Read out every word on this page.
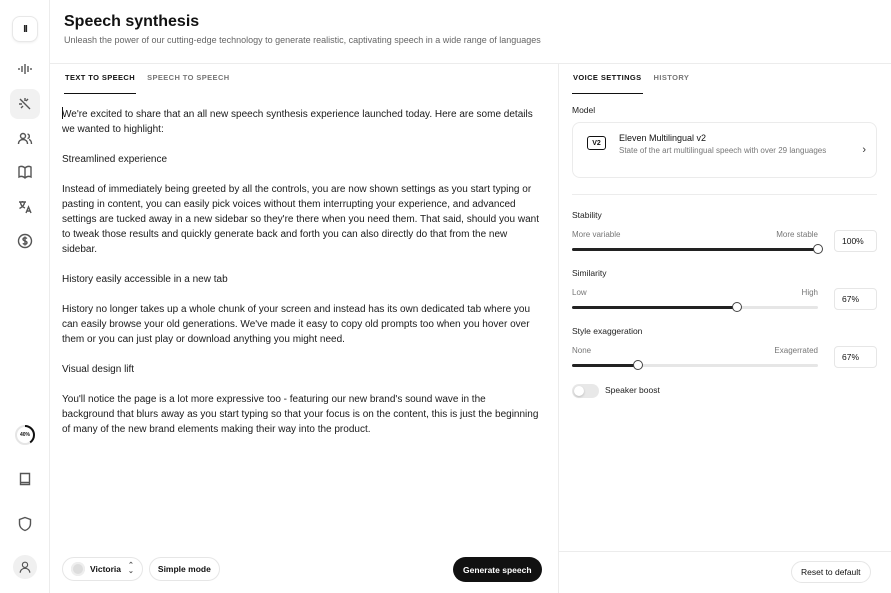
II
40%
Speech synthesis
Unleash the power of our cutting-edge technology to generate realistic, captivating speech in a wide range of languages
TEXT TO SPEECH SPEECH TO SPEECH

We're excited to share that an all new speech synthesis experience launched today. Here are some details we wanted to highlight:

Streamlined experience

Instead of immediately being greeted by all the controls, you are now shown settings as you start typing or pasting in content, you can easily pick voices without them interrupting your experience, and advanced settings are tucked away in a new sidebar so they're there when you need them. That said, should you want to tweak those results and quickly generate back and forth you can also directly do that from the new sidebar.

History easily accessible in a new tab

History no longer takes up a whole chunk of your screen and instead has its own dedicated tab where you can easily browse your old generations. We've made it easy to copy old prompts too when you hover over them or you can just play or download anything you might need.

Visual design lift

You'll notice the page is a lot more expressive too - featuring our new brand's sound wave in the background that blurs away as you start typing so that your focus is on the content, this is just the beginning of many of the new brand elements making their way into the product.

Victoria ⌃
⌄	Simple mode	Generate speech
VOICE SETTINGS HISTORY
Model
V2	Eleven Multilingual v2
State of the art multilingual speech with over 29 languages	›
Stability
More variable	More stable
100%
Similarity
Low	High
67%
Style exaggeration
None	Exagerrated
67%
Speaker boost
Reset to default
